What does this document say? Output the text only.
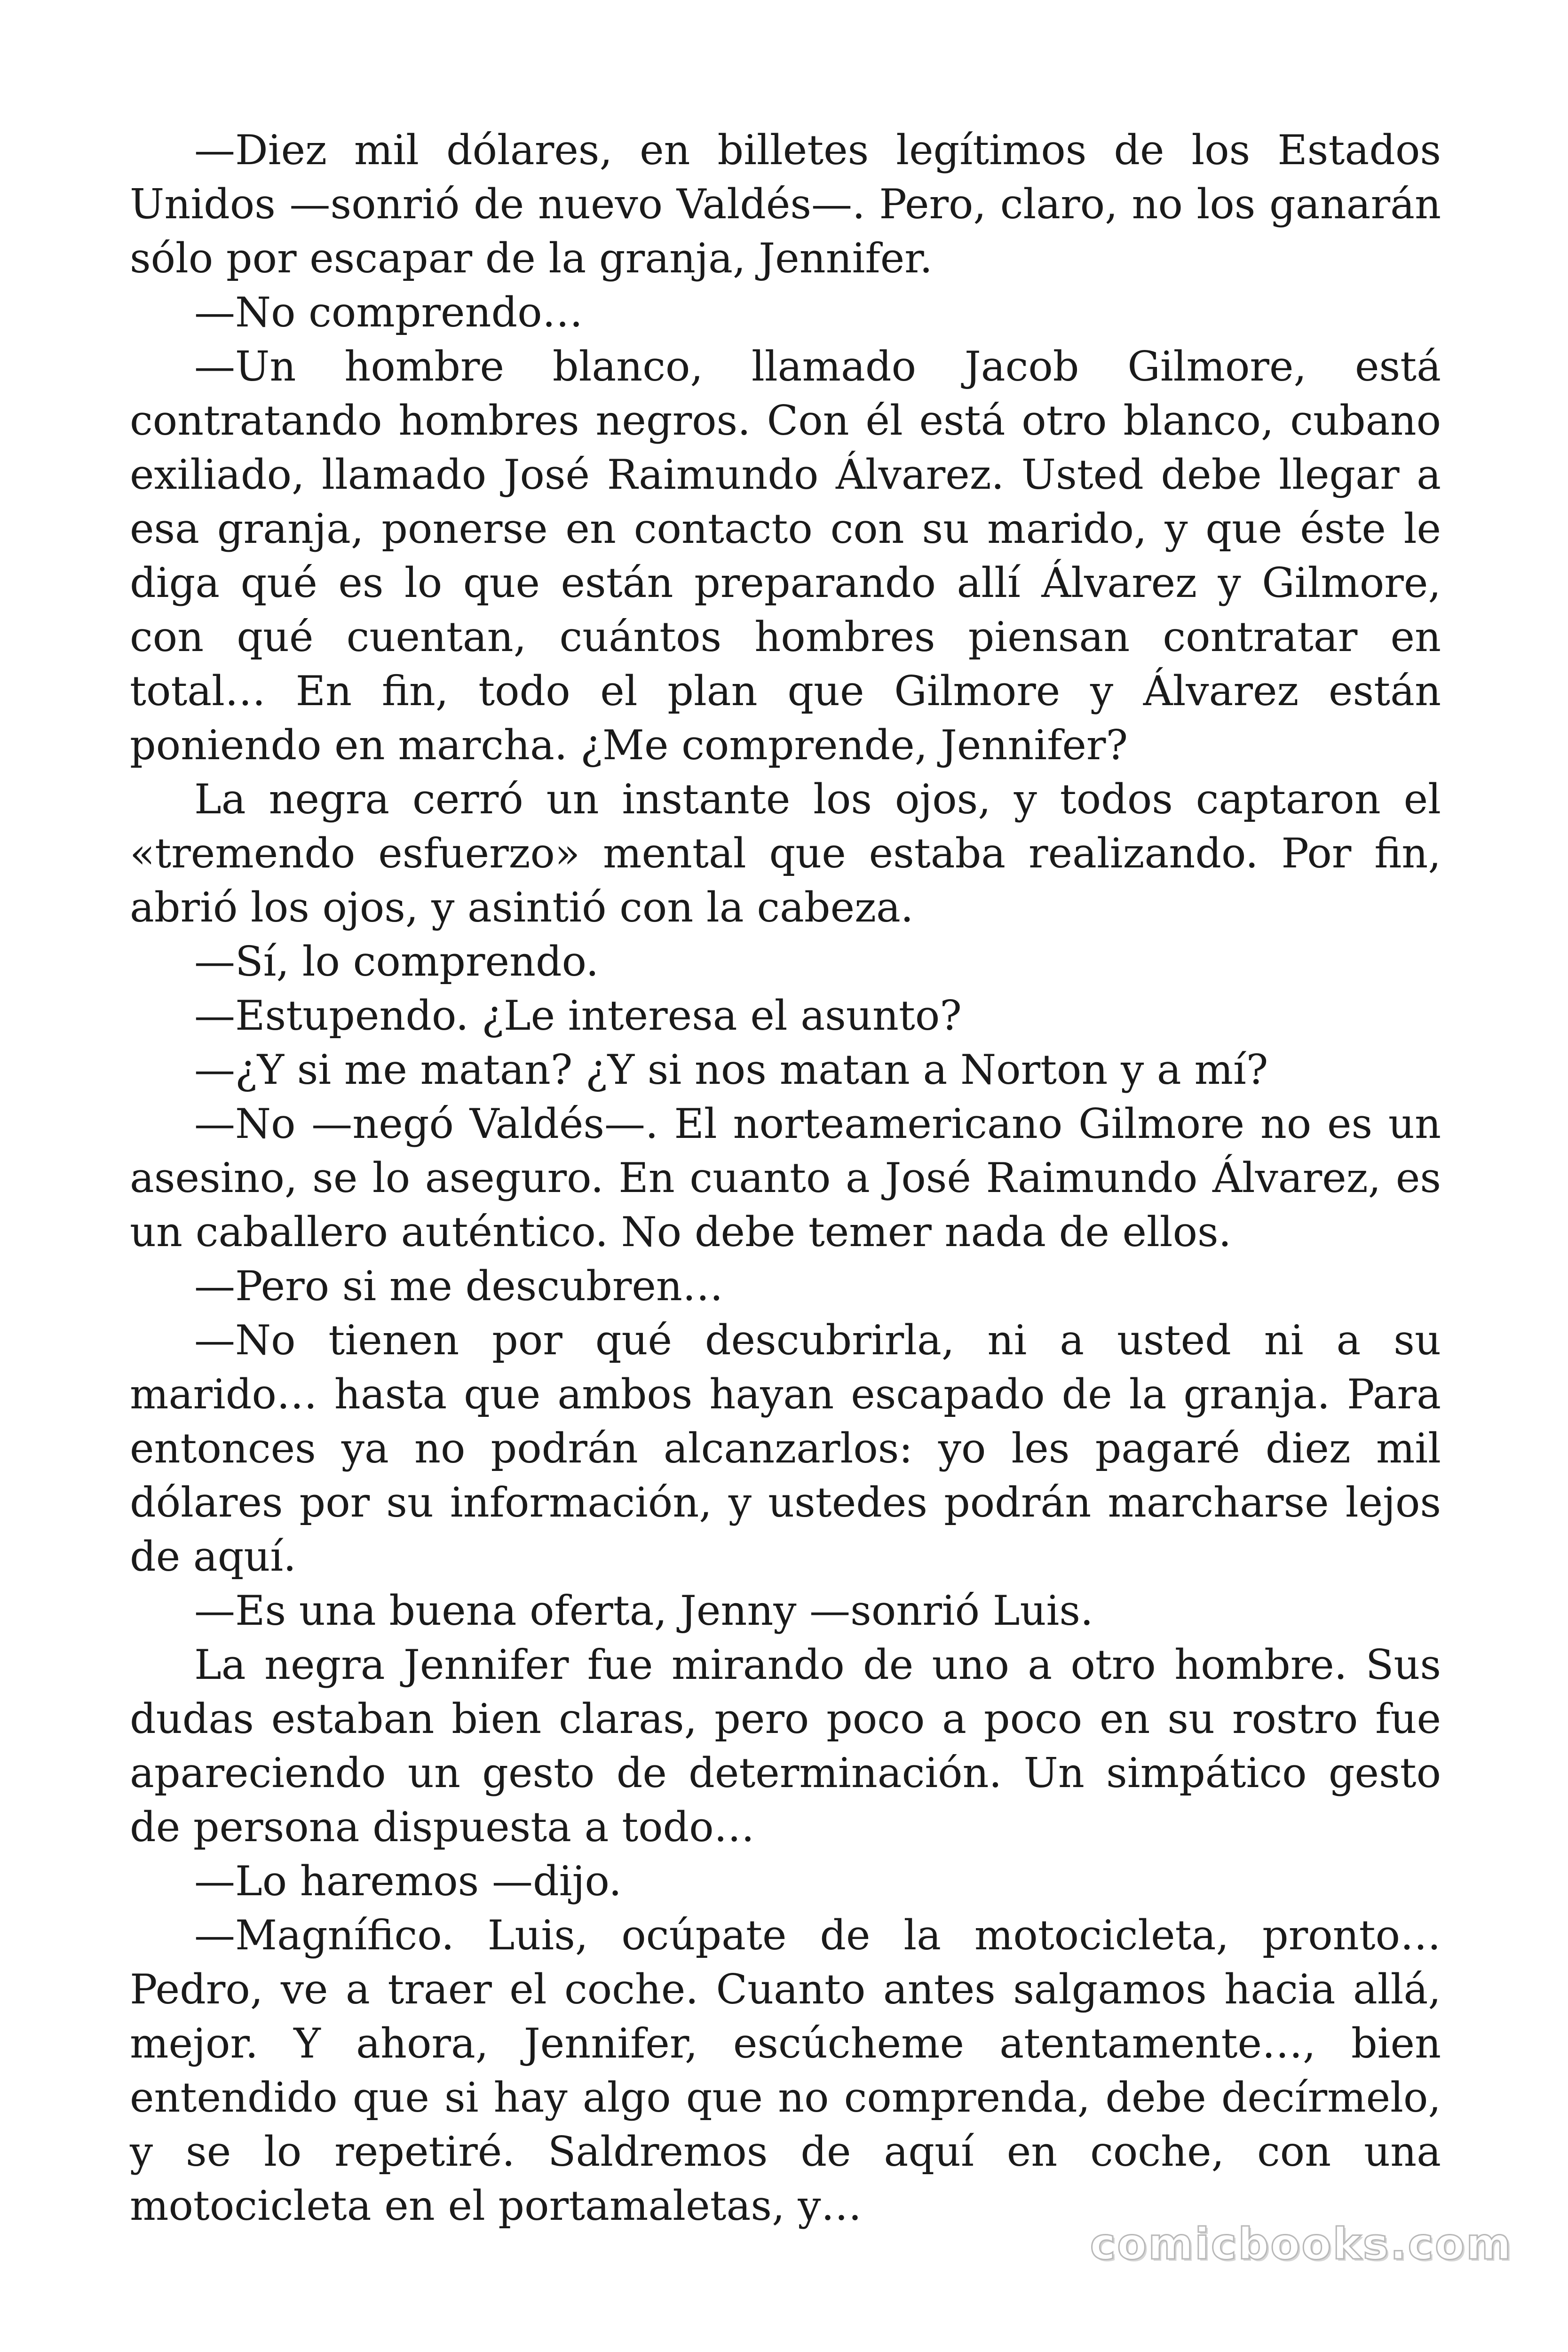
—Diez mil dólares, en billetes legítimos de los Estados Unidos —sonrió de nuevo Valdés—. Pero, claro, no los ganarán sólo por escapar de la granja, Jennifer.

—No comprendo…

—Un hombre blanco, llamado Jacob Gilmore, está contratando hombres negros. Con él está otro blanco, cubano exiliado, llamado José Raimundo Álvarez. Usted debe llegar a esa granja, ponerse en contacto con su marido, y que éste le diga qué es lo que están preparando allí Álvarez y Gilmore, con qué cuentan, cuántos hombres piensan contratar en total… En fin, todo el plan que Gilmore y Álvarez están poniendo en marcha. ¿Me comprende, Jennifer?

La negra cerró un instante los ojos, y todos captaron el «tremendo esfuerzo» mental que estaba realizando. Por fin, abrió los ojos, y asintió con la cabeza.

—Sí, lo comprendo.

—Estupendo. ¿Le interesa el asunto?

—¿Y si me matan? ¿Y si nos matan a Norton y a mí?

—No —negó Valdés—. El norteamericano Gilmore no es un asesino, se lo aseguro. En cuanto a José Raimundo Álvarez, es un caballero auténtico. No debe temer nada de ellos.

—Pero si me descubren…

—No tienen por qué descubrirla, ni a usted ni a su marido… hasta que ambos hayan escapado de la granja. Para entonces ya no podrán alcanzarlos: yo les pagaré diez mil dólares por su información, y ustedes podrán marcharse lejos de aquí.

—Es una buena oferta, Jenny —sonrió Luis.

La negra Jennifer fue mirando de uno a otro hombre. Sus dudas estaban bien claras, pero poco a poco en su rostro fue apareciendo un gesto de determinación. Un simpático gesto de persona dispuesta a todo…

—Lo haremos —dijo.

—Magnífico. Luis, ocúpate de la motocicleta, pronto… Pedro, ve a traer el coche. Cuanto antes salgamos hacia allá, mejor. Y ahora, Jennifer, escúcheme atentamente…, bien entendido que si hay algo que no comprenda, debe decírmelo, y se lo repetiré. Saldremos de aquí en coche, con una motocicleta en el portamaletas, y…

comicbooks.com
